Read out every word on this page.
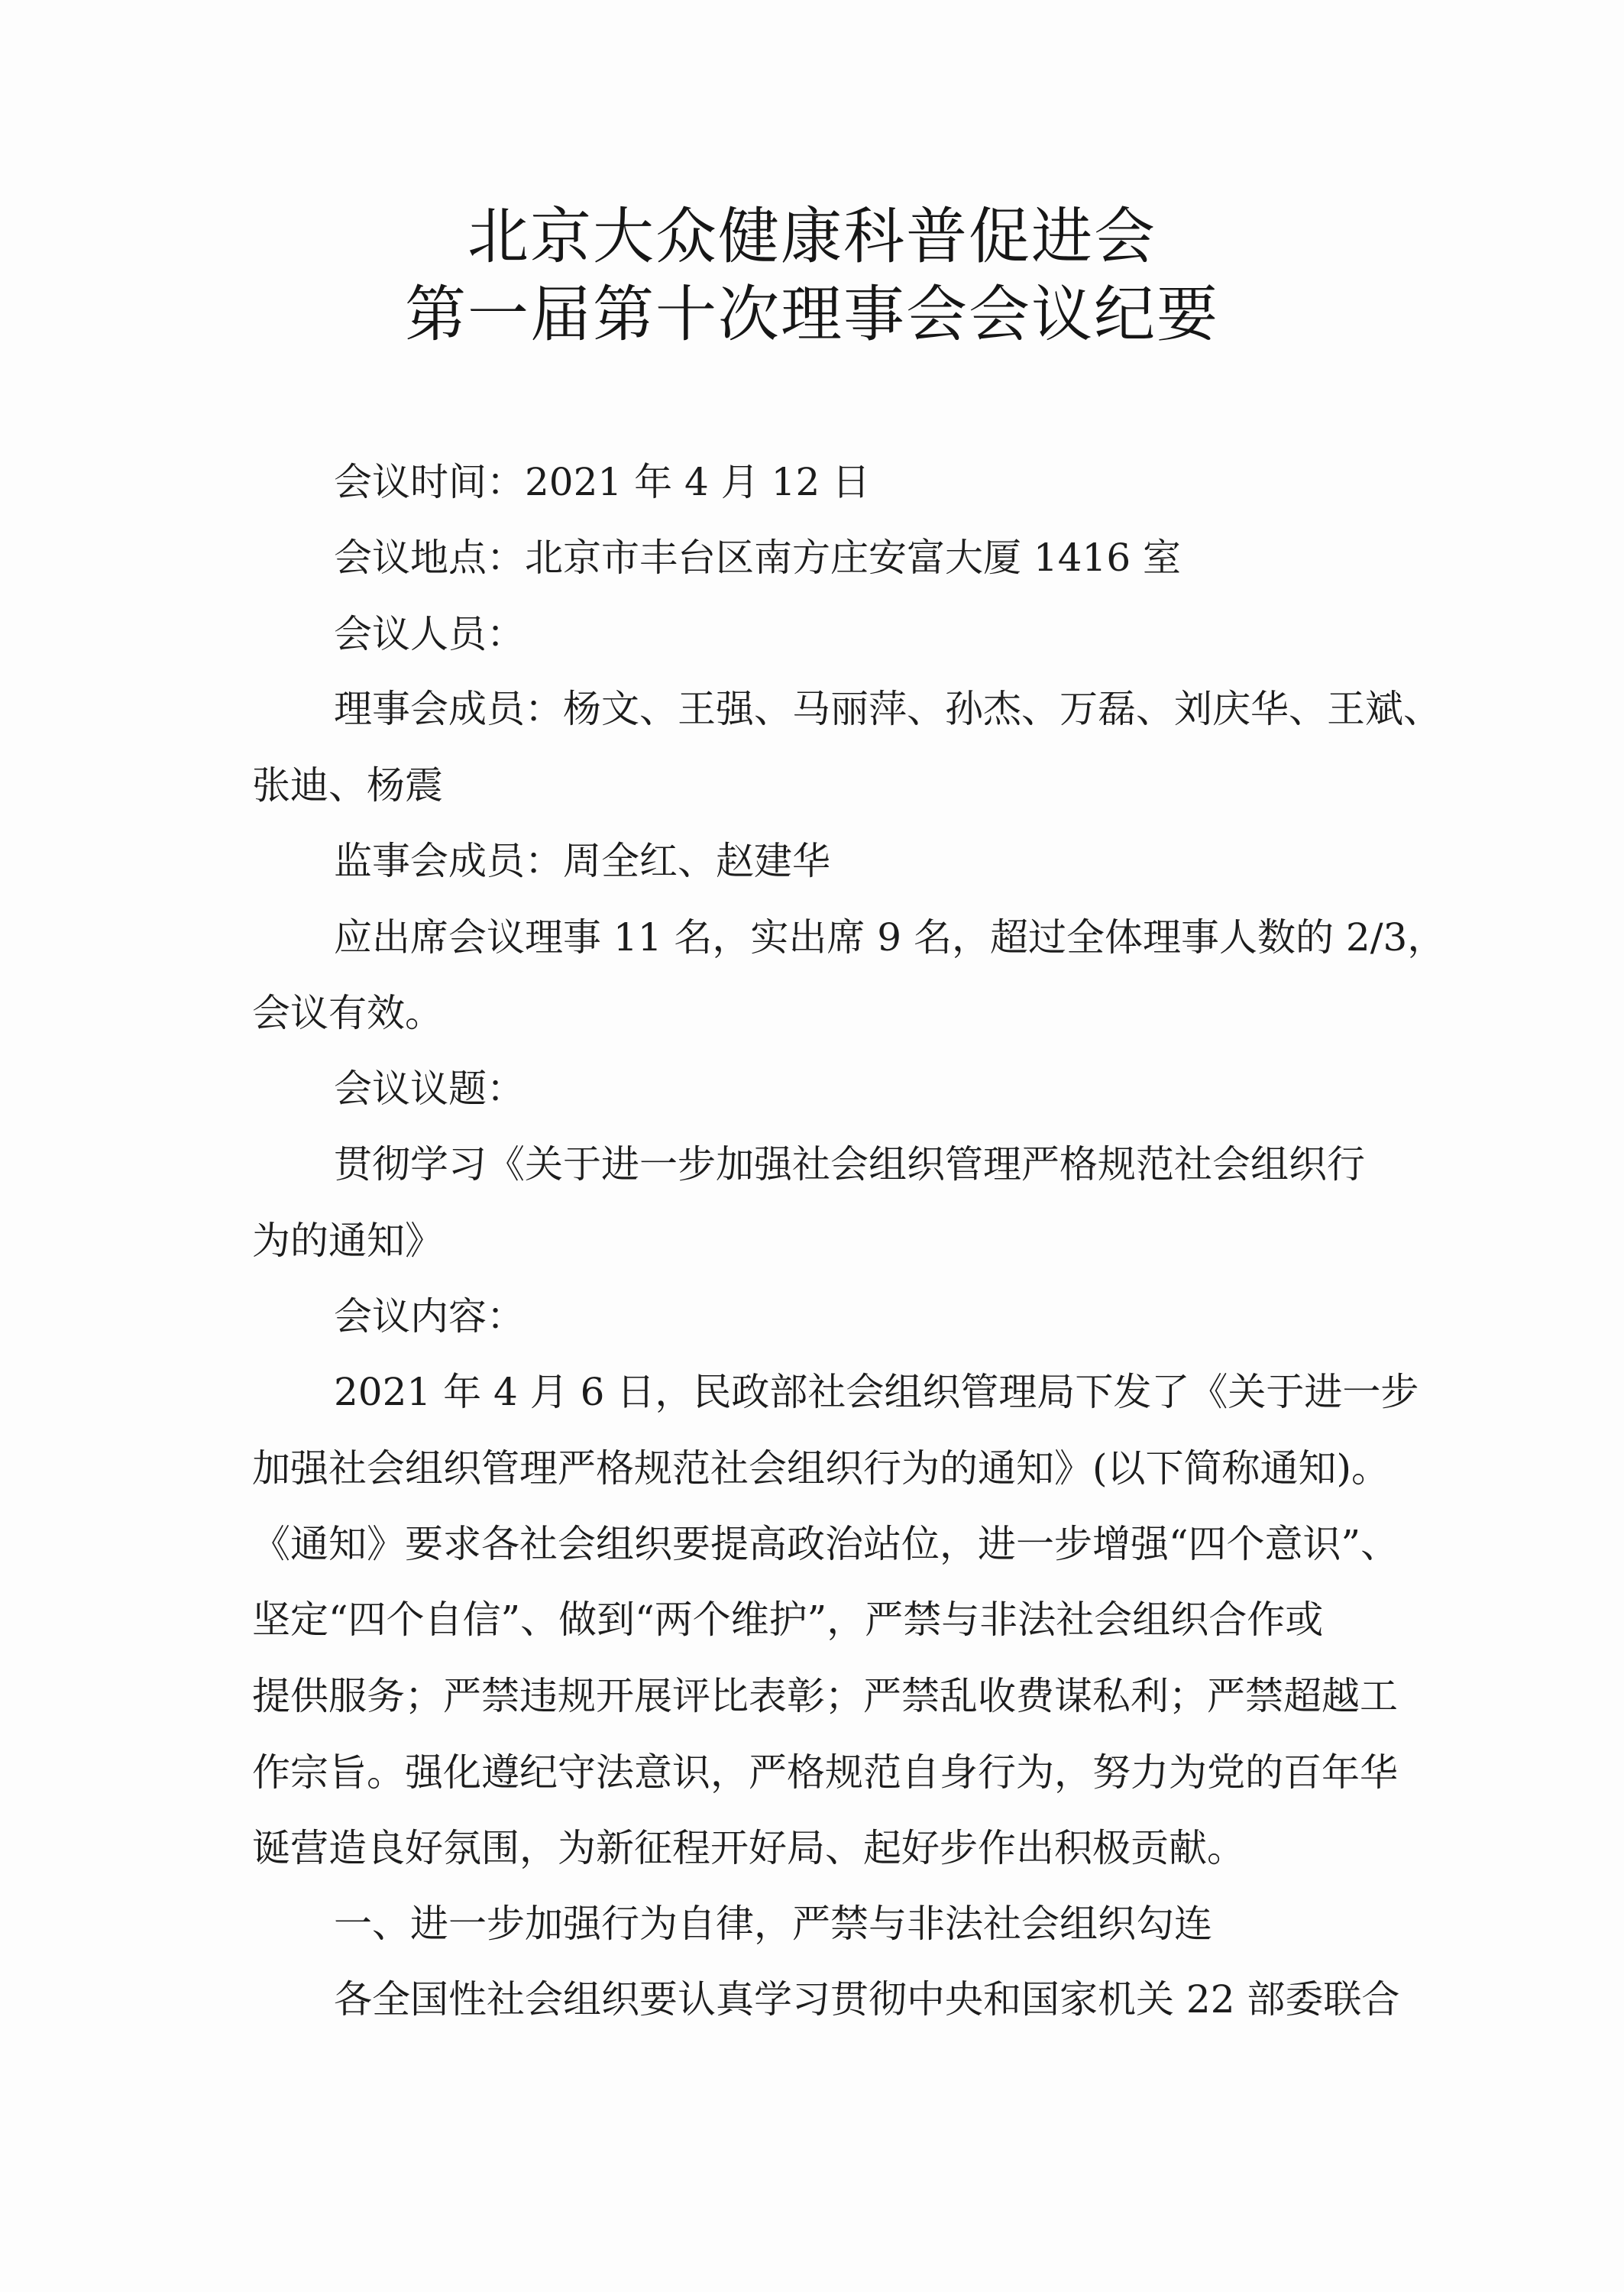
北京大众健康科普促进会
第一届第十次理事会会议纪要
会议时间：2021 年 4 月 12 日
会议地点：北京市丰台区南方庄安富大厦 1416 室
会议人员：
理事会成员：杨文、王强、马丽萍、孙杰、万磊、刘庆华、王斌、
张迪、杨震
监事会成员：周全红、赵建华
应出席会议理事 11 名，实出席 9 名，超过全体理事人数的 2/3，
会议有效。
会议议题：
贯彻学习《关于进一步加强社会组织管理严格规范社会组织行
为的通知》
会议内容：
2021 年 4 月 6 日，民政部社会组织管理局下发了《关于进一步
加强社会组织管理严格规范社会组织行为的通知》(以下简称通知)。
《通知》要求各社会组织要提高政治站位，进一步增强“四个意识”、
坚定“四个自信”、做到“两个维护”，严禁与非法社会组织合作或
提供服务；严禁违规开展评比表彰；严禁乱收费谋私利；严禁超越工
作宗旨。强化遵纪守法意识，严格规范自身行为，努力为党的百年华
诞营造良好氛围，为新征程开好局、起好步作出积极贡献。
一、进一步加强行为自律，严禁与非法社会组织勾连
各全国性社会组织要认真学习贯彻中央和国家机关 22 部委联合
